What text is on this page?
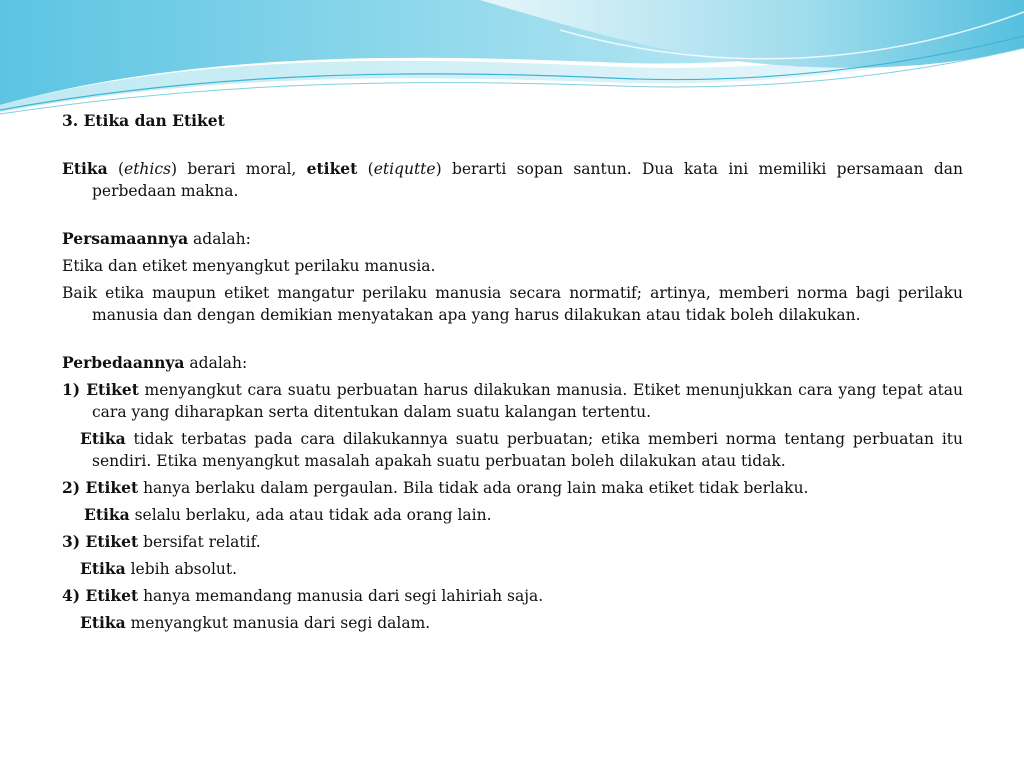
3. Etika dan Etiket

Etika (ethics) berari moral, etiket (etiqutte) berarti sopan santun. Dua kata ini memiliki persamaan dan perbedaan makna.

Persamaannya adalah:

Etika dan etiket menyangkut perilaku manusia.

Baik etika maupun etiket mangatur perilaku manusia secara normatif; artinya, memberi norma bagi perilaku manusia dan dengan demikian menyatakan apa yang harus dilakukan atau tidak boleh dilakukan.

Perbedaannya adalah:

1) Etiket menyangkut cara suatu perbuatan harus dilakukan manusia. Etiket menunjukkan cara yang tepat atau cara yang diharapkan serta ditentukan dalam suatu kalangan tertentu.

Etika tidak terbatas pada cara dilakukannya suatu perbuatan; etika memberi norma tentang perbuatan itu sendiri. Etika menyangkut masalah apakah suatu perbuatan boleh dilakukan atau tidak.

2) Etiket hanya berlaku dalam pergaulan. Bila tidak ada orang lain maka etiket tidak berlaku.

Etika selalu berlaku, ada atau tidak ada orang lain.

3) Etiket bersifat relatif.

Etika lebih absolut.

4) Etiket hanya memandang manusia dari segi lahiriah saja.

Etika menyangkut manusia dari segi dalam.
